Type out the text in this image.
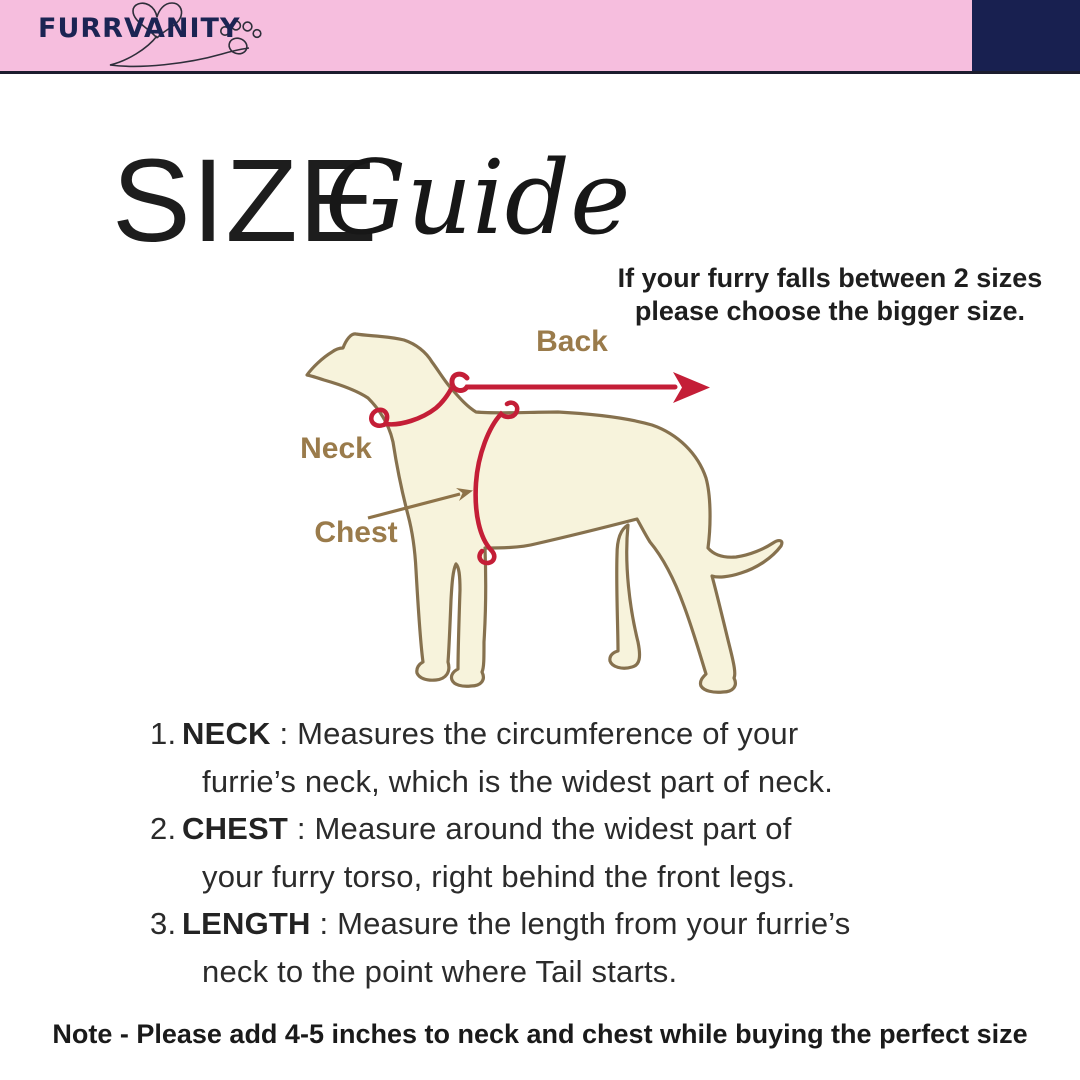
FURRVANITY
SIZE
Guide
If your furry falls between 2 sizes
please choose the bigger size.
Back
Neck
Chest
1. NECK : Measures the circumference of your
furrie’s neck, which is the widest part of neck.
2. CHEST : Measure around the widest part of
your furry torso, right behind the front legs.
3. LENGTH : Measure the length from your furrie’s
neck to the point where Tail starts.
Note - Please add 4-5 inches to neck and chest while buying the perfect size
